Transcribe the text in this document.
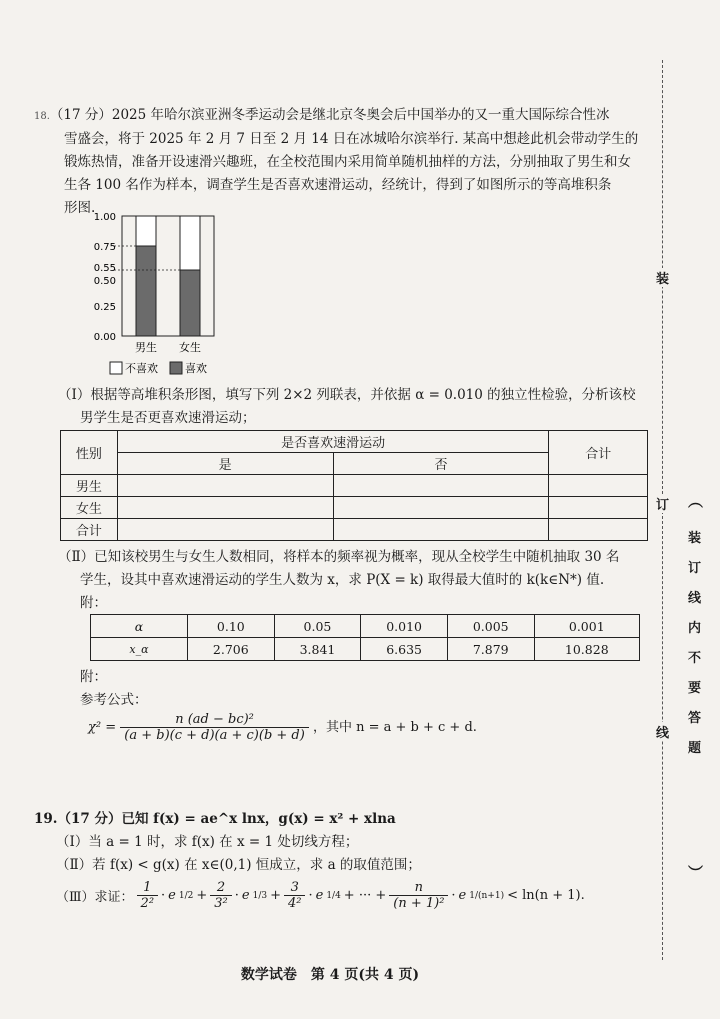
装
订
线
︵
装
订
线
内
不
要
答
题
︶
18.（17 分）2025 年哈尔滨亚洲冬季运动会是继北京冬奥会后中国举办的又一重大国际综合性冰
雪盛会，将于 2025 年 2 月 7 日至 2 月 14 日在冰城哈尔滨举行. 某高中想趁此机会带动学生的
锻炼热情，准备开设速滑兴趣班，在全校范围内采用简单随机抽样的方法，分别抽取了男生和女
生各 100 名作为样本，调查学生是否喜欢速滑运动，经统计，得到了如图所示的等高堆积条
形图.
男生 女生
0.00
0.25
0.50
0.55
0.75
1.00
不喜欢 喜欢
（Ⅰ）根据等高堆积条形图，填写下列 2×2 列联表，并依据 α = 0.010 的独立性检验，分析该校
男学生是否更喜欢速滑运动；
性别	是否喜欢速滑运动		合计
	是	否	
男生			
女生			
合计			
（Ⅱ）已知该校男生与女生人数相同，将样本的频率视为概率，现从全校学生中随机抽取 30 名
学生，设其中喜欢速滑运动的学生人数为 x，求 P(X = k) 取得最大值时的 k(k∈N*) 值.
附：
α	0.10	0.05	0.010	0.005	0.001
x_α	2.706	3.841	6.635	7.879	10.828
附：
参考公式：
$\chi^2 = \frac{\text{n (ad − bc)²}}{(a + b)(c + d)(a + c)(b + d)}$ ，其中 n = a + b + c + d.
19.（17 分）已知 f(x) = ae^x lnx，g(x) = x² + xlna
（Ⅰ）当 a = 1 时，求 f(x) 在 x = 1 处切线方程；
（Ⅱ）若 f(x) < g(x) 在 x∈(0,1) 恒成立，求 a 的取值范围；
（Ⅲ）求证： $\frac{1}{\text{2²}} \cdot e$ $1/2 + \frac{2}{\text{3²}} \cdot e$ $1/3 + \frac{3}{\text{4²}} \cdot e$ 1/4 + ··· + $\frac{n}{\text{(n + 1)²}} \cdot e$ 1/(n+1) < ln(n + 1).
数学试卷　第 4 页(共 4 页)
